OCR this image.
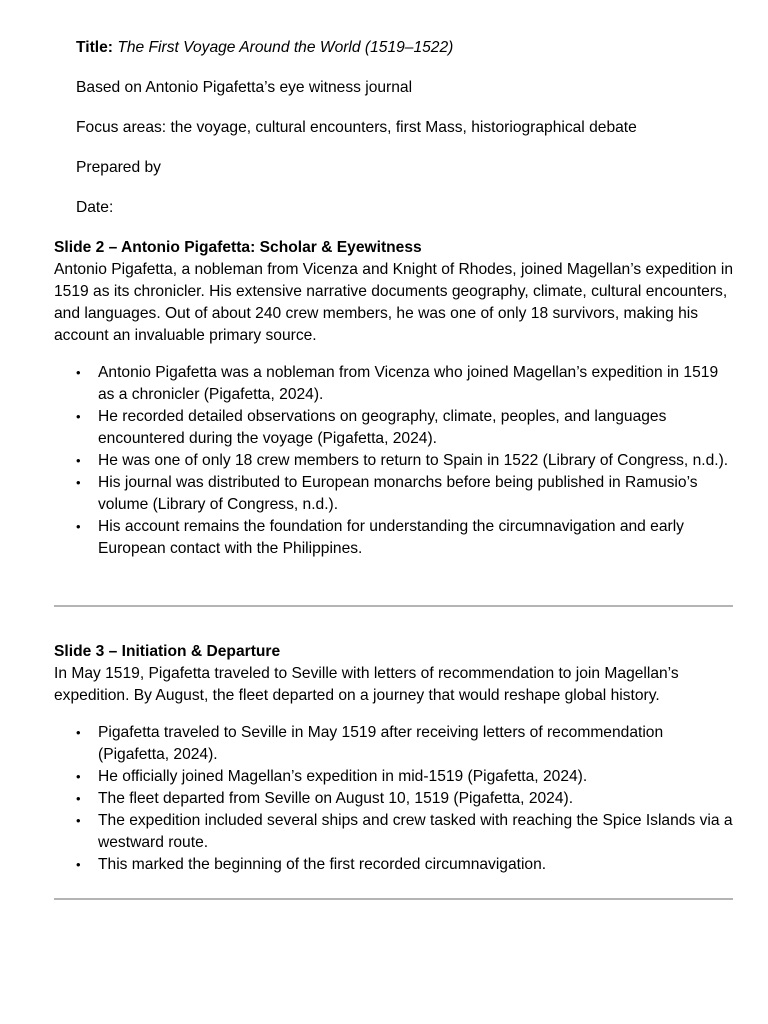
Title: The First Voyage Around the World (1519–1522)
Based on Antonio Pigafetta’s eye witness journal
Focus areas: the voyage, cultural encounters, first Mass, historiographical debate
Prepared by
Date:
Slide 2 – Antonio Pigafetta: Scholar & Eyewitness

Antonio Pigafetta, a nobleman from Vicenza and Knight of Rhodes, joined Magellan’s expedition in 1519 as its chronicler. His extensive narrative documents geography, climate, cultural encounters, and languages. Out of about 240 crew members, he was one of only 18 survivors, making his account an invaluable primary source.

• Antonio Pigafetta was a nobleman from Vicenza who joined Magellan’s expedition in 1519 as a chronicler (Pigafetta, 2024).
• He recorded detailed observations on geography, climate, peoples, and languages encountered during the voyage (Pigafetta, 2024).
• He was one of only 18 crew members to return to Spain in 1522 (Library of Congress, n.d.).
• His journal was distributed to European monarchs before being published in Ramusio’s volume (Library of Congress, n.d.).
• His account remains the foundation for understanding the circumnavigation and early European contact with the Philippines.
Slide 3 – Initiation & Departure

In May 1519, Pigafetta traveled to Seville with letters of recommendation to join Magellan’s expedition. By August, the fleet departed on a journey that would reshape global history.

• Pigafetta traveled to Seville in May 1519 after receiving letters of recommendation (Pigafetta, 2024).
• He officially joined Magellan’s expedition in mid-1519 (Pigafetta, 2024).
• The fleet departed from Seville on August 10, 1519 (Pigafetta, 2024).
• The expedition included several ships and crew tasked with reaching the Spice Islands via a westward route.
• This marked the beginning of the first recorded circumnavigation.
